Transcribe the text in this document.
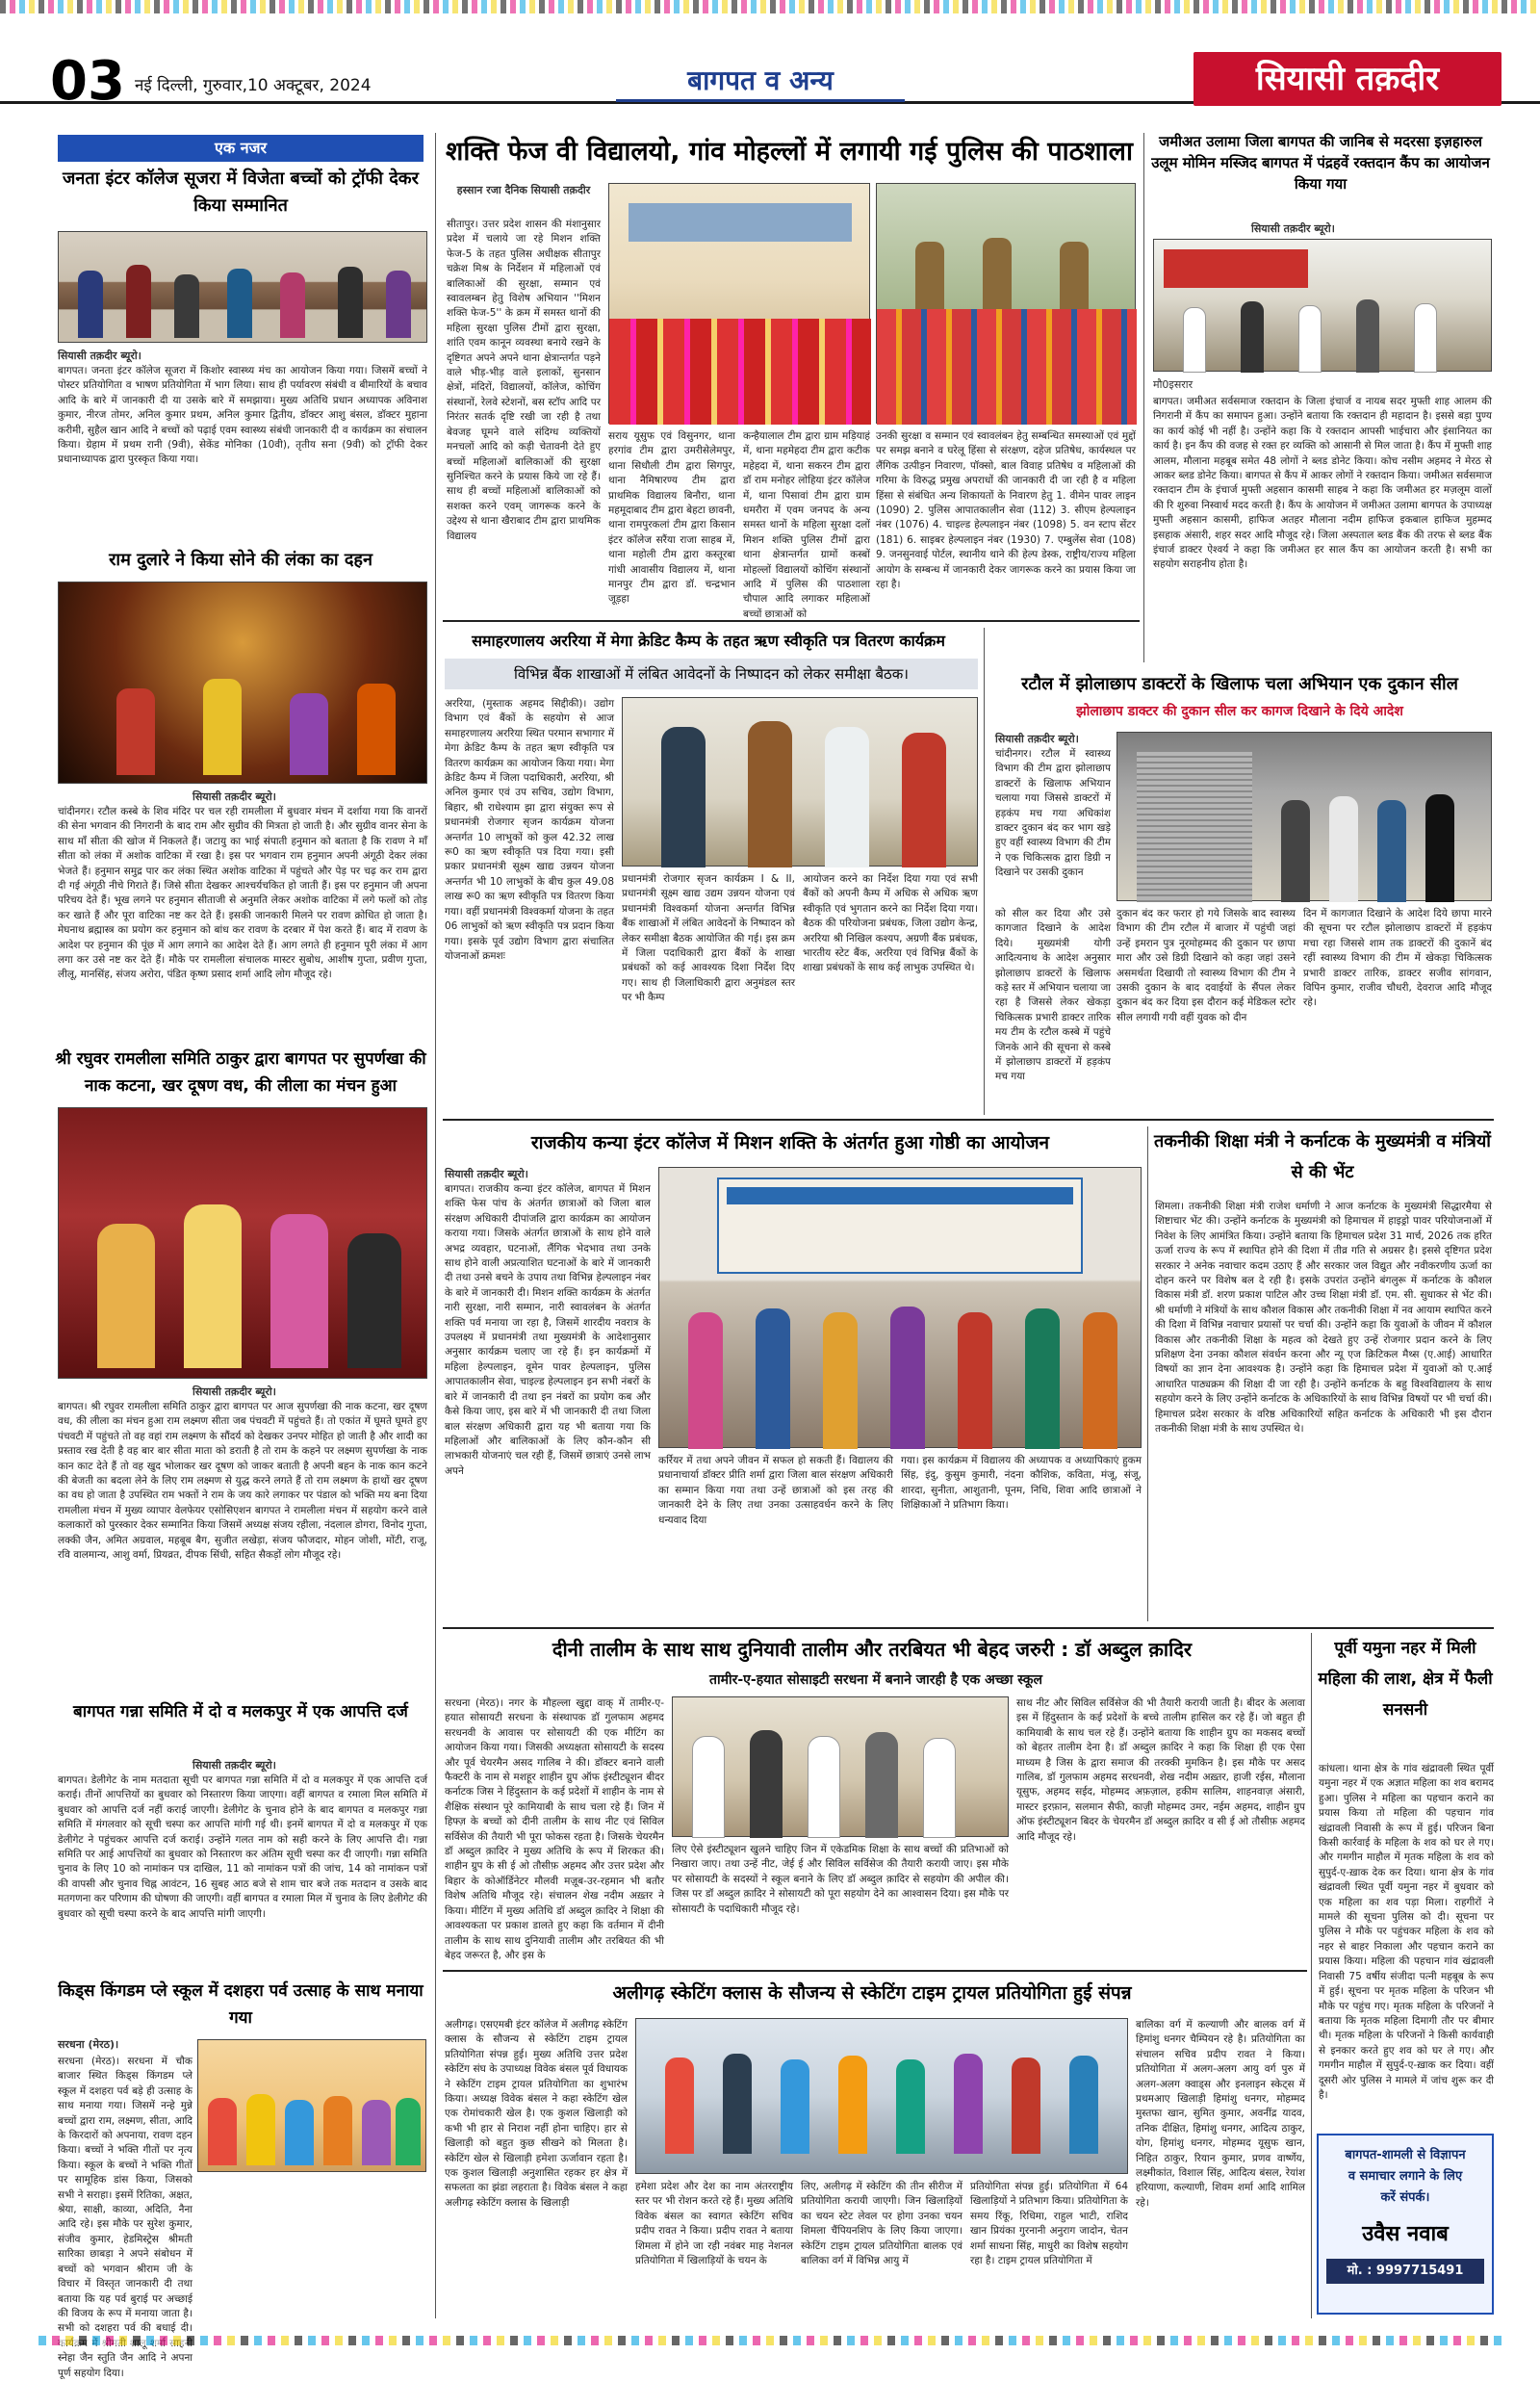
03 नई दिल्ली, गुरुवार,10 अक्टूबर, 2024	बागपत व अन्य	सियासी तक़दीर
एक नजर
जनता इंटर कॉलेज सूजरा में विजेता बच्चों को ट्रॉफी देकर किया सम्मानित
सियासी तक़दीर ब्यूरो।
बागपत। जनता इंटर कॉलेज सूजरा में किशोर स्वास्थ्य मंच का आयोजन किया गया। जिसमें बच्चों ने पोस्टर प्रतियोगिता व भाषण प्रतियोगिता में भाग लिया। साथ ही पर्यावरण संबंधी व बीमारियों के बचाव आदि के बारे में जानकारी दी या उसके बारे में समझाया। मुख्य अतिथि प्रधान अध्यापक अविनाश कुमार, नीरज तोमर, अनिल कुमार प्रथम, अनिल कुमार द्वितीय, डॉक्टर आशु बंसल, डॉक्टर मुहाना करीमी, सुहैल खान आदि ने बच्चों को पढ़ाई एवम स्वास्थ्य संबंधी जानकारी दी व कार्यक्रम का संचालन किया। ग्रेहाम में प्रथम रानी (9वी), सेकेंड मोनिका (10वी), तृतीय सना (9वी) को ट्रॉफी देकर प्रधानाध्यापक द्वारा पुरस्कृत किया गया।
राम दुलारे ने किया सोने की लंका का दहन
सियासी तक़दीर ब्यूरो।
चांदीनगर। रटौल कस्बे के शिव मंदिर पर चल रही रामलीला में बुधवार मंचन में दर्शाया गया कि वानरों की सेना भगवान की निगरानी के बाद राम और सुग्रीव की मित्रता हो जाती है। और सुग्रीव वानर सेना के साथ माँ सीता की खोज में निकलते हैं। जटायु का भाई संपाती हनुमान को बताता है कि रावण ने माँ सीता को लंका में अशोक वाटिका में रखा है। इस पर भगवान राम हनुमान अपनी अंगूठी देकर लंका भेजते हैं। हनुमान समुद्र पार कर लंका स्थित अशोक वाटिका में पहुंचते और पेड़ पर चढ़ कर राम द्वारा दी गई अंगूठी नीचे गिराते हैं। जिसे सीता देखकर आश्चर्यचकित हो जाती हैं। इस पर हनुमान जी अपना परिचय देते हैं। भूख लगने पर हनुमान सीताजी से अनुमति लेकर अशोक वाटिका में लगे फलों को तोड़ कर खाते हैं और पूरा वाटिका नष्ट कर देते हैं। इसकी जानकारी मिलने पर रावण क्रोधित हो जाता है। मेघनाथ ब्रह्मास्त्र का प्रयोग कर हनुमान को बांध कर रावण के दरबार में पेश करते हैं। बाद में रावण के आदेश पर हनुमान की पूंछ में आग लगाने का आदेश देते हैं। आग लगते ही हनुमान पूरी लंका में आग लगा कर उसे नष्ट कर देते हैं। मौके पर रामलीला संचालक मास्टर सुबोध, आशीष गुप्ता, प्रवीण गुप्ता, लीलू, मानसिंह, संजय अरोरा, पंडित कृष्ण प्रसाद शर्मा आदि लोग मौजूद रहे।
श्री रघुवर रामलीला समिति ठाकुर द्वारा बागपत पर सुपर्णखा की नाक कटना, खर दूषण वध, की लीला का मंचन हुआ
सियासी तक़दीर ब्यूरो।
बागपत। श्री रघुवर रामलीला समिति ठाकुर द्वारा बागपत पर आज सुपर्णखा की नाक कटना, खर दूषण वध, की लीला का मंचन हुआ राम लक्ष्मण सीता जब पंचवटी में पहुंचते हैं। तो एकांत में घूमते घूमते हुए पंचवटी में पहुंचते तो वह वहां राम लक्ष्मण के सौंदर्य को देखकर उनपर मोहित हो जाती है और शादी का प्रस्ताव रख देती है वह बार बार सीता माता को डराती है तो राम के कहने पर लक्ष्मण सुपर्णखा के नाक कान काट देते हैं तो वह खुद भोलाकर खर दूषण को जाकर बताती है अपनी बहन के नाक कान कटने की बेजती का बदला लेने के लिए राम लक्ष्मण से युद्ध करने लगते हैं तो राम लक्ष्मण के हाथों खर दूषण का वध हो जाता है उपस्थित राम भक्तों ने राम के जय कारे लगाकर पर पंडाल को भक्ति मय बना दिया रामलीला मंचन में मुख्य व्यापार वेलफेयर एसोसिएशन बागपत ने रामलीला मंचन में सहयोग करने वाले कलाकारों को पुरस्कार देकर सम्मानित किया जिसमें अध्यक्ष संजय रहीला, नंदलाल डोगरा, विनोद गुप्ता, लक्की जैन, अमित अग्रवाल, महबूब बैग, सुजीत लखेड़ा, संजय फौजदार, मोहन जोशी, मोंटी, राजू, रवि वालमान्य, आशु वर्मा, प्रियव्रत, दीपक सिंधी, सहित सैकड़ों लोग मौजूद रहे।
बागपत गन्ना समिति में दो व मलकपुर में एक आपत्ति दर्ज
सियासी तक़दीर ब्यूरो।
बागपत। डेलीगेट के नाम मतदाता सूची पर बागपत गन्ना समिति में दो व मलकपुर में एक आपत्ति दर्ज कराई। तीनों आपत्तियों का बुधवार को निस्तारण किया जाएगा। वहीं बागपत व रमाला मिल समिति में बुधवार को आपत्ति दर्ज नहीं कराई जाएगी। डेलीगेट के चुनाव होने के बाद बागपत व मलकपुर गन्ना समिति में मंगलवार को सूची चस्पा कर आपत्ति मांगी गई थी। इनमें बागपत में दो व मलकपुर में एक डेलीगेट ने पहुंचकर आपत्ति दर्ज कराई। उन्होंने गलत नाम को सही करने के लिए आपत्ति दी। गन्ना समिति पर आई आपत्तियों का बुधवार को निस्तारण कर अंतिम सूची चस्पा कर दी जाएगी। गन्ना समिति चुनाव के लिए 10 को नामांकन पत्र दाखिल, 11 को नामांकन पत्रों की जांच, 14 को नामांकन पत्रों की वापसी और चुनाव चिह्न आवंटन, 16 सुबह आठ बजे से शाम चार बजे तक मतदान व उसके बाद मतगणना कर परिणाम की घोषणा की जाएगी। वहीं बागपत व रमाला मिल में चुनाव के लिए डेलीगेट की बुधवार को सूची चस्पा करने के बाद आपत्ति मांगी जाएगी।
किड्स किंगडम प्ले स्कूल में दशहरा पर्व उत्साह के साथ मनाया गया
सरधना (मेरठ)।
सरधना (मेरठ)। सरधना में चौक बाजार स्थित किड्स किंगडम प्ले स्कूल में दशहरा पर्व बड़े ही उत्साह के साथ मनाया गया। जिसमें नन्हे मुन्ने बच्चों द्वारा राम, लक्ष्मण, सीता, आदि के किरदारों को अपनाया, रावण दहन किया। बच्चों ने भक्ति गीतों पर नृत्य किया। स्कूल के बच्चों ने भक्ति गीतों पर सामूहिक डांस किया, जिसको सभी ने सराहा। इसमें रितिका, अक्षत, श्रेया, साक्षी, काव्या, अदिति, नैना आदि रहे। इस मौके पर सुरेश कुमार, संजीव कुमार, हेडमिस्ट्रेस श्रीमती सारिका छाबड़ा ने अपने संबोधन में बच्चों को भगवान श्रीराम जी के विचार में विस्तृत जानकारी दी तथा बताया कि यह पर्व बुराई पर अच्छाई की विजय के रूप में मनाया जाता है। सभी को दशहरा पर्व की बधाई दी। स्नेहा जैन स्तुति जैन आदि ने अपना पूर्ण सहयोग दिया।
शक्ति फेज वी विद्यालयो, गांव मोहल्लों में लगायी गई पुलिस की पाठशाला
हस्सान रजा दैनिक सियासी तक़दीर
सीतापुर। उत्तर प्रदेश शासन की मंशानुसार प्रदेश में चलाये जा रहे मिशन शक्ति फेज-5 के तहत पुलिस अधीक्षक सीतापुर चक्रेश मिश्र के निर्देशन में महिलाओं एवं बालिकाओं की सुरक्षा, सम्मान एवं स्वावलम्बन हेतु विशेष अभियान ''मिशन शक्ति फेज-5'' के क्रम में समस्त थानों की महिला सुरक्षा पुलिस टीमों द्वारा सुरक्षा, शांति एवम कानून व्यवस्था बनाये रखने के दृष्टिगत अपने अपने थाना क्षेत्रान्तर्गत पड़ने वाले भीड़-भीड़ वाले इलाकों, सुनसान क्षेत्रों, मंदिरों, विद्यालयों, कॉलेज, कोचिंग संस्थानों, रेलवे स्टेशनों, बस स्टॉप आदि पर निरंतर सतर्क दृष्टि रखी जा रही है तथा बेवजह घूमने वाले संदिग्ध व्यक्तियों मनचलों आदि को कड़ी चेतावनी देते हुए बच्चों महिलाओं बालिकाओं की सुरक्षा सुनिश्चित करने के प्रयास किये जा रहे हैं। साथ ही बच्चों महिलाओं बालिकाओं को सशक्त करने एवम् जागरूक करने के उद्देश्य से थाना खैराबाद टीम द्वारा प्राथमिक विद्यालय
सराय यूसुफ एवं विसुनगर, थाना हरगांव टीम द्वारा उमरीसेलेमपुर, थाना सिधौली टीम द्वारा सिगपुर, थाना नैमिषारण्य टीम द्वारा प्राथमिक विद्यालय बिनौरा, थाना महमूदाबाद टीम द्वारा बेहटा छावनी, थाना रामपुरकलां टीम द्वारा किसान इंटर कॉलेज सरैंया राजा साहब में, थाना महोली टीम द्वारा कस्तूरबा गांधी आवासीय विद्यालय में, थाना मानपुर टीम द्वारा डॉ. चन्द्रभान जूड़हा
कन्हैयालाल टीम द्वारा ग्राम मड़ियाहं में, थाना महमेहदा टीम द्वारा कटीक महेहदा में, थाना सकरन टीम द्वारा डॉ राम मनोहर लोहिया इंटर कॉलेज में, थाना पिसावां टीम द्वारा ग्राम धमरौरा में एवम जनपद के अन्य समस्त थानों के महिला सुरक्षा दलों मिशन शक्ति पुलिस टीमों द्वारा थाना क्षेत्रान्तर्गत ग्रामों कस्बों मोहल्लों विद्यालयों कोचिंग संस्थानों आदि में पुलिस की पाठशाला चौपाल आदि लगाकर महिलाओं बच्चों छात्राओं को
उनकी सुरक्षा व सम्मान एवं स्वावलंबन हेतु सम्बन्धित समस्याओं एवं मुद्दों पर समझ बनाने व घरेलू हिंसा से संरक्षण, दहेज प्रतिषेध, कार्यस्थल पर लैंगिक उत्पीड़न निवारण, पॉक्सो, बाल विवाह प्रतिषेध व महिलाओं की गरिमा के विरुद्ध प्रमुख अपराधों की जानकारी दी जा रही है व महिला हिंसा से संबंधित अन्य शिकायतों के निवारण हेतु 1. वीमेन पावर लाइन (1090) 2. पुलिस आपातकालीन सेवा (112) 3. सीएम हेल्पलाइन नंबर (1076) 4. चाइल्ड हेल्पलाइन नंबर (1098) 5. वन स्टाप सेंटर (181) 6. साइबर हेल्पलाइन नंबर (1930) 7. एम्बुलेंस सेवा (108) 9. जनसुनवाई पोर्टल, स्थानीय थाने की हेल्प डेस्क, राष्ट्रीय/राज्य महिला आयोग के सम्बन्ध में जानकारी देकर जागरूक करने का प्रयास किया जा रहा है।
समाहरणालय अररिया में मेगा क्रेडिट कैम्प के तहत ऋण स्वीकृति पत्र वितरण कार्यक्रम
विभिन्न बैंक शाखाओं में लंबित आवेदनों के निष्पादन को लेकर समीक्षा बैठक।
अररिया, (मुस्ताक अहमद सिद्दीकी)। उद्योग विभाग एवं बैंकों के सहयोग से आज समाहरणालय अररिया स्थित परमान सभागार में मेगा क्रेडिट कैम्प के तहत ऋण स्वीकृति पत्र वितरण कार्यक्रम का आयोजन किया गया। मेगा क्रेडिट कैम्प में जिला पदाधिकारी, अररिया, श्री अनिल कुमार एवं उप सचिव, उद्योग विभाग, बिहार, श्री राधेश्याम झा द्वारा संयुक्त रूप से प्रधानमंत्री रोजगार सृजन कार्यक्रम योजना अन्तर्गत 10 लाभुकों को कुल 42.32 लाख रू0 का ऋण स्वीकृति पत्र दिया गया। इसी प्रकार प्रधानमंत्री सूक्ष्म खाद्य उन्नयन योजना अन्तर्गत भी 10 लाभुकों के बीच कुल 49.08 लाख रू0 का ऋण स्वीकृति पत्र वितरण किया गया। वहीं प्रधानमंत्री विश्वकर्मा योजना के तहत 06 लाभुकों को ऋण स्वीकृति पत्र प्रदान किया गया। इसके पूर्व उद्योग विभाग द्वारा संचालित योजनाओं क्रमशः
प्रधानमंत्री रोजगार सृजन कार्यक्रम I & II, प्रधानमंत्री सूक्ष्म खाद्य उद्यम उन्नयन योजना एवं प्रधानमंत्री विश्वकर्मा योजना अन्तर्गत विभिन्न बैंक शाखाओं में लंबित आवेदनों के निष्पादन को लेकर समीक्षा बैठक आयोजित की गई। इस क्रम में जिला पदाधिकारी द्वारा बैंकों के शाखा प्रबंधकों को कई आवश्यक दिशा निर्देश दिए गए। साथ ही जिलाधिकारी द्वारा अनुमंडल स्तर पर भी कैम्प
आयोजन करने का निर्देश दिया गया एवं सभी बैंकों को अपनी कैम्प में अधिक से अधिक ऋण स्वीकृति एवं भुगतान करने का निर्देश दिया गया। बैठक की परियोजना प्रबंधक, जिला उद्योग केन्द्र, अररिया श्री निखिल कश्यप, अग्रणी बैंक प्रबंधक, भारतीय स्टेट बैंक, अररिया एवं विभिन्न बैंकों के शाखा प्रबंधकों के साथ कई लाभुक उपस्थित थे।
रटौल में झोलाछाप डाक्टरों के खिलाफ चला अभियान एक दुकान सील
झोलाछाप डाक्टर की दुकान सील कर कागज दिखाने के दिये आदेश
सियासी तक़दीर ब्यूरो।
चांदीनगर। रटौल में स्वास्थ्य विभाग की टीम द्वारा झोलाछाप डाक्टरों के खिलाफ अभियान चलाया गया जिससे डाक्टरों में हड़कंप मच गया अधिकांश डाक्टर दुकान बंद कर भाग खड़े हुए वहीं स्वास्थ्य विभाग की टीम ने एक चिकित्सक द्वारा डिग्री न दिखाने पर उसकी दुकान
को सील कर दिया और उसे कागजात दिखाने के आदेश दिये। मुख्यमंत्री योगी आदित्यनाथ के आदेश अनुसार झोलाछाप डाक्टरों के खिलाफ कड़े स्तर में अभियान चलाया जा रहा है जिससे लेकर खेकड़ा चिकित्सक प्रभारी डाक्टर तारिक मय टीम के रटौल कस्बे में पहुंचे जिनके आने की सूचना से कस्बे में झोलाछाप डाक्टरों में हड़कंप मच गया
दुकान बंद कर फरार हो गये जिसके बाद स्वास्थ्य विभाग की टीम रटौल में बाजार में पहुंची जहां उन्हें इमरान पुत्र नूरमोहम्मद की दुकान पर छापा मारा और उसे डिग्री दिखाने को कहा जहां उसने असमर्थता दिखायी तो स्वास्थ्य विभाग की टीम ने उसकी दुकान के बाद दवाईयों के सैंपल लेकर दुकान बंद कर दिया इस दौरान कई मेडिकल स्टोर सील लगायी गयी वहीं युवक को दीन
दिन में कागजात दिखाने के आदेश दिये छापा मारने की सूचना पर रटौल झोलाछाप डाक्टरों में हड़कंप मचा रहा जिससे शाम तक डाक्टरों की दुकानें बंद रहीं स्वास्थ्य विभाग की टीम में खेकड़ा चिकित्सक प्रभारी डाक्टर तारिक, डाक्टर सजीव सांगवान, विपिन कुमार, राजीव चौधरी, देवराज आदि मौजूद रहे।
जमीअत उलामा जिला बागपत की जानिब से मदरसा इज़हारुल उलूम मोमिन मस्जिद बागपत में पंद्रहवें रक्तदान कैंप का आयोजन किया गया
सियासी तक़दीर ब्यूरो।
मौ0इसरार
बागपत। जमीअत सर्वसमाज रक्तदान के जिला इंचार्ज व नायब सदर मुफ्ती शाह आलम की निगरानी में कैंप का समापन हुआ। उन्होंने बताया कि रक्तदान ही महादान है। इससे बड़ा पुण्य का कार्य कोई भी नहीं है। उन्होंने कहा कि ये रक्तदान आपसी भाईचारा और इंसानियत का कार्य है। इन कैंप की वजह से रक्त हर व्यक्ति को आसानी से मिल जाता है। कैंप में मुफ्ती शाह आलम, मौलाना महबूब समेत 48 लोगों ने ब्लड डोनेट किया। कोच नसीम अहमद ने मेरठ से आकर ब्लड डोनेट किया। बागपत से कैंप में आकर लोगों ने रक्तदान किया। जमीअत सर्वसमाज रक्तदान टीम के इंचार्ज मुफ्ती अहसान कासमी साहब ने कहा कि जमीअत हर मज़लूम वालों की रि शुरुवा निस्वार्थ मदद करती है। कैंप के आयोजन में जमीअत उलामा बागपत के उपाध्यक्ष मुफ्ती अहसान कासमी, हाफिज अतहर मौलाना नदीम हाफिज इकबाल हाफिज मुहम्मद इसहाक अंसारी, शहर सदर आदि मौजूद रहे। जिला अस्पताल ब्लड बैंक की तरफ से ब्लड बैंक इंचार्ज डाक्टर ऐश्वर्य ने कहा कि जमीअत हर साल कैंप का आयोजन करती है। सभी का सहयोग सराहनीय होता है।
राजकीय कन्या इंटर कॉलेज में मिशन शक्ति के अंतर्गत हुआ गोष्ठी का आयोजन
सियासी तक़दीर ब्यूरो।
बागपत। राजकीय कन्या इंटर कॉलेज, बागपत में मिशन शक्ति फेस पांच के अंतर्गत छात्राओं को जिला बाल संरक्षण अधिकारी दीपांजलि द्वारा कार्यक्रम का आयोजन कराया गया। जिसके अंतर्गत छात्राओं के साथ होने वाले अभद्र व्यवहार, घटनाओं, लैंगिक भेदभाव तथा उनके साथ होने वाली अप्रत्याशित घटनाओं के बारे में जानकारी दी तथा उनसे बचने के उपाय तथा विभिन्न हेल्पलाइन नंबर के बारे में जानकारी दी। मिशन शक्ति कार्यक्रम के अंतर्गत नारी सुरक्षा, नारी सम्मान, नारी स्वावलंबन के अंतर्गत शक्ति पर्व मनाया जा रहा है, जिसमें शारदीय नवरात्र के उपलक्ष्य में प्रधानमंत्री तथा मुख्यमंत्री के आदेशानुसार अनुसार कार्यक्रम चलाए जा रहे हैं। इन कार्यक्रमों में महिला हेल्पलाइन, वूमेन पावर हेल्पलाइन, पुलिस आपातकालीन सेवा, चाइल्ड हेल्पलाइन इन सभी नंबरों के बारे में जानकारी दी तथा इन नंबरों का प्रयोग कब और कैसे किया जाए, इस बारे में भी जानकारी दी तथा जिला बाल संरक्षण अधिकारी द्वारा यह भी बताया गया कि महिलाओं और बालिकाओं के लिए कौन-कौन सी लाभकारी योजनाएं चल रही हैं, जिसमें छात्राएं उनसे लाभ अपने
कर्रियर में तथा अपने जीवन में सफल हो सकती हैं। विद्यालय की प्रधानाचार्या डॉक्टर प्रीति शर्मा द्वारा जिला बाल संरक्षण अधिकारी का सम्मान किया गया तथा उन्हें छात्राओं को इस तरह की जानकारी देने के लिए तथा उनका उत्साहवर्धन करने के लिए धन्यवाद दिया
गया। इस कार्यक्रम में विद्यालय की अध्यापक व अध्यापिकाएं हुकम सिंह, इंदु, कुसुम कुमारी, नंदना कौशिक, कविता, मंजू, संजू, शारदा, सुनीता, आशुतानी, पूनम, निधि, शिवा आदि छात्राओं ने शिक्षिकाओं ने प्रतिभाग किया।
तकनीकी शिक्षा मंत्री ने कर्नाटक के मुख्यमंत्री व मंत्रियों से की भेंट
शिमला। तकनीकी शिक्षा मंत्री राजेश धर्माणी ने आज कर्नाटक के मुख्यमंत्री सिद्धारमैया से शिष्टाचार भेंट की। उन्होंने कर्नाटक के मुख्यमंत्री को हिमाचल में हाइड्रो पावर परियोजनाओं में निवेश के लिए आमंत्रित किया। उन्होंने बताया कि हिमाचल प्रदेश 31 मार्च, 2026 तक हरित ऊर्जा राज्य के रूप में स्थापित होने की दिशा में तीव्र गति से अग्रसर है। इससे दृष्टिगत प्रदेश सरकार ने अनेक नवाचार कदम उठाए हैं और सरकार जल विद्युत और नवीकरणीय ऊर्जा का दोहन करने पर विशेष बल दे रही है। इसके उपरांत उन्होंने बंगलुरू में कर्नाटक के कौशल विकास मंत्री डॉ. शरण प्रकाश पाटिल और उच्च शिक्षा मंत्री डॉ. एम. सी. सुधाकर से भेंट की। श्री धर्माणी ने मंत्रियों के साथ कौशल विकास और तकनीकी शिक्षा में नव आयाम स्थापित करने की दिशा में विभिन्न नवाचार प्रयासों पर चर्चा की। उन्होंने कहा कि युवाओं के जीवन में कौशल विकास और तकनीकी शिक्षा के महत्व को देखते हुए उन्हें रोजगार प्रदान करने के लिए प्रशिक्षण देना उनका कौशल संवर्धन करना और न्यू एज क्रिटिकल मैथ्स (ए.आई) आधारित विषयों का ज्ञान देना आवश्यक है। उन्होंने कहा कि हिमाचल प्रदेश में युवाओं को ए.आई आधारित पाठ्यक्रम की शिक्षा दी जा रही है। उन्होंने कर्नाटक के बहु विश्वविद्यालय के साथ सहयोग करने के लिए उन्होंने कर्नाटक के अधिकारियों के साथ विभिन्न विषयों पर भी चर्चा की। हिमाचल प्रदेश सरकार के वरिष्ठ अधिकारियों सहित कर्नाटक के अधिकारी भी इस दौरान तकनीकी शिक्षा मंत्री के साथ उपस्थित थे।
दीनी तालीम के साथ साथ दुनियावी तालीम और तरबियत भी बेहद जरुरी : डॉ अब्दुल क़ादिर
तामीर-ए-हयात सोसाइटी सरधना में बनाने जारही है एक अच्छा स्कूल
सरधना (मेरठ)। नगर के मौहल्ला खुद्दा वाक् में तामीर-ए-हयात सोसायटी सरधना के संस्थापक डॉ गुलफाम अहमद सरधनवी के आवास पर सोसायटी की एक मीटिंग का आयोजन किया गया। जिसकी अध्यक्षता सोसायटी के सदस्य और पूर्व चेयरमैन असद गालिब ने की। डॉक्टर बनाने वाली फैक्टरी के नाम से मशहूर शाहीन ग्रुप ऑफ इंस्टीट्यूशन बीदर कर्नाटक जिस ने हिंदुस्तान के कई प्रदेशों में शाहीन के नाम से शैक्षिक संस्थान पूरे कामियाबी के साथ चला रहे हैं। जिन में हिफ्ज़ के बच्चों को दीनी तालीम के साथ नीट एवं सिविल सर्विसेज की तैयारी भी पूरा फोकस रहता है। जिसके चेयरमैन डॉ अब्दुल क़ादिर ने मुख्य अतिथि के रूप में शिरकत की। शाहीन ग्रुप के सी ई ओ तौसीफ़ अहमद और उत्तर प्रदेश और बिहार के कोऑर्डिनेटर मौलवी मज़ूब-उर-रहमान भी बतौर विशेष अतिथि मौजूद रहे। संचालन शेख नदीम अख़्तर ने किया। मीटिंग में मुख्य अतिथि डॉ अब्दुल क़ादिर ने शिक्षा की आवश्यकता पर प्रकाश डालते हुए कहा कि वर्तमान में दीनी तालीम के साथ साथ दुनियावी तालीम और तरबियत की भी बेहद जरूरत है, और इस के
लिए ऐसे इंस्टीट्यूशन खुलने चाहिए जिन में एकेडमिक शिक्षा के साथ बच्चों की प्रतिभाओं को निखारा जाए। तथा उन्हें नीट, जेई ई और सिविल सर्विसेज की तैयारी करायी जाए। इस मौके पर सोसायटी के सदस्यों ने स्कूल बनाने के लिए डॉ अब्दुल क़ादिर से सहयोग की अपील की। जिस पर डॉ अब्दुल क़ादिर ने सोसायटी को पूरा सहयोग देने का आश्वासन दिया। इस मौके पर सोसायटी के पदाधिकारी मौजूद रहे।
साथ नीट और सिविल सर्विसेज की भी तैयारी करायी जाती है। बीदर के अलावा इस में हिंदुस्तान के कई प्रदेशों के बच्चे तालीम हासिल कर रहे हैं। जो बहुत ही कामियाबी के साथ चल रहे हैं। उन्होंने बताया कि शाहीन ग्रुप का मकसद बच्चों को बेहतर तालीम देना है। डॉ अब्दुल क़ादिर ने कहा कि शिक्षा ही एक ऐसा माध्यम है जिस के द्वारा समाज की तरक्की मुमकिन है। इस मौके पर असद गालिब, डॉ गुलफाम अहमद सरधनवी, शेख नदीम अख़्तर, हाजी रईस, मौलाना यूसुफ, अहमद सईद, मोहम्मद अफ़ज़ाल, हकीम सालिम, शाहनवाज़ अंसारी, मास्टर इरफ़ान, सलमान सैफी, काज़ी मोहम्मद उमर, नईम अहमद, शाहीन ग्रुप ऑफ इंस्टीट्यूशन बिदर के चेयरमैन डॉ अब्दुल क़ादिर व सी ई ओ तौसीफ़ अहमद आदि मौजूद रहे।
पूर्वी यमुना नहर में मिली महिला की लाश, क्षेत्र में फैली सनसनी
कांधला। थाना क्षेत्र के गांव खंद्रावली स्थित पूर्वी यमुना नहर में एक अज्ञात महिला का शव बरामद हुआ। पुलिस ने महिला का पहचान कराने का प्रयास किया तो महिला की पहचान गांव खंद्रावली निवासी के रूप में हुई। परिजन बिना किसी कार्रवाई के महिला के शव को घर ले गए। और गमगीन माहौल में मृतक महिला के शव को सुपुर्द-ए-ख़ाक देक कर दिया। थाना क्षेत्र के गांव खंद्रावली स्थित पूर्वी यमुना नहर में बुधवार को एक महिला का शव पड़ा मिला। राहगीरों ने मामले की सूचना पुलिस को दी। सूचना पर पुलिस ने मौके पर पहुंचकर महिला के शव को नहर से बाहर निकाला और पहचान कराने का प्रयास किया। महिला की पहचान गांव खंद्रावली निवासी 75 वर्षीय संजीदा पत्नी महबूब के रूप में हुई। सूचना पर मृतक महिला के परिजन भी मौके पर पहुंच गए। मृतक महिला के परिजनों ने बताया कि मृतक महिला दिमागी तौर पर बीमार थी। मृतक महिला के परिजनों ने किसी कार्यवाही से इनकार करते हुए शव को घर ले गए। और गमगीन माहौल में सुपुर्द-ए-ख़ाक कर दिया। वहीं दूसरी ओर पुलिस ने मामले में जांच शुरू कर दी है।
बागपत-शामली से विज्ञापन
व समाचार लगाने के लिए
करें संपर्क।
उवैस नवाब
मो. : 9997715491
अलीगढ़ स्केटिंग क्लास के सौजन्य से स्केटिंग टाइम ट्रायल प्रतियोगिता हुई संपन्न
अलीगढ़। एसएमबी इंटर कॉलेज में अलीगढ़ स्केटिंग क्लास के सौजन्य से स्केटिंग टाइम ट्रायल प्रतियोगिता संपन्न हुई। मुख्य अतिथि उत्तर प्रदेश स्केटिंग संघ के उपाध्यक्ष विवेक बंसल पूर्व विधायक ने स्केटिंग टाइम ट्रायल प्रतियोगिता का शुभारंभ किया। अध्यक्ष विवेक बंसल ने कहा स्केटिंग खेल एक रोमांचकारी खेल है। एक कुशल खिलाड़ी को कभी भी हार से निराश नहीं होना चाहिए। हार से खिलाड़ी को बहुत कुछ सीखने को मिलता है। स्केटिंग खेल से खिलाड़ी हमेशा ऊर्जावान रहता है। एक कुशल खिलाड़ी अनुशासित रहकर हर क्षेत्र में सफलता का झंडा लहराता है। विवेक बंसल ने कहा अलीगढ़ स्केटिंग क्लास के खिलाड़ी
हमेशा प्रदेश और देश का नाम अंतरराष्ट्रीय स्तर पर भी रोशन करते रहे हैं। मुख्य अतिथि विवेक बंसल का स्वागत स्केटिंग सचिव प्रदीप रावत ने किया। प्रदीप रावत ने बताया शिमला में होने जा रही नवंबर माह नेशनल प्रतियोगिता में खिलाड़ियों के चयन के
लिए, अलीगढ़ में स्केटिंग की तीन सीरीज में प्रतियोगिता करायी जाएगी। जिन खिलाड़ियों का चयन स्टेट लेवल पर होगा उनका चयन शिमला चैंपियनशिप के लिए किया जाएगा। स्केटिंग टाइम ट्रायल प्रतियोगिता बालक एवं बालिका वर्ग में विभिन्न आयु में
प्रतियोगिता संपन्न हुई। प्रतियोगिता में 64 खिलाड़ियों ने प्रतिभाग किया। प्रतियोगिता के समय रिंकू, रिधिमा, राहुल भाटी, राशिद खान प्रियंका गुरनानी अनुराग जादोन, चेतन शर्मा साधना सिंह, माधुरी का विशेष सहयोग रहा है। टाइम ट्रायल प्रतियोगिता में
बालिका वर्ग में कल्याणी और बालक वर्ग में हिमांशु धनगर चैम्पियन रहे है। प्रतियोगिता का संचालन सचिव प्रदीप रावत ने किया। प्रतियोगिता में अलग-अलग आयु वर्ग पुरु में अलग-अलग क्वाड्स और इनलाइन स्केट्स में प्रथमआए खिलाड़ी हिमांशु धनगर, मोहम्मद मुस्तफा खान, सुमित कुमार, अवनींद्र यादव, तनिक दीक्षित, हिमांशु धनगर, आदित्य ठाकुर, योग, हिमांशु धनगर, मोहम्मद यूसुफ खान, निहित ठाकुर, रियान कुमार, प्रणव वार्ष्णेय, लक्ष्मीकांत, विशाल सिंह, आदित्य बंसल, रेयांश हरियाणा, कल्याणी, शिवम शर्मा आदि शामिल रहे।
